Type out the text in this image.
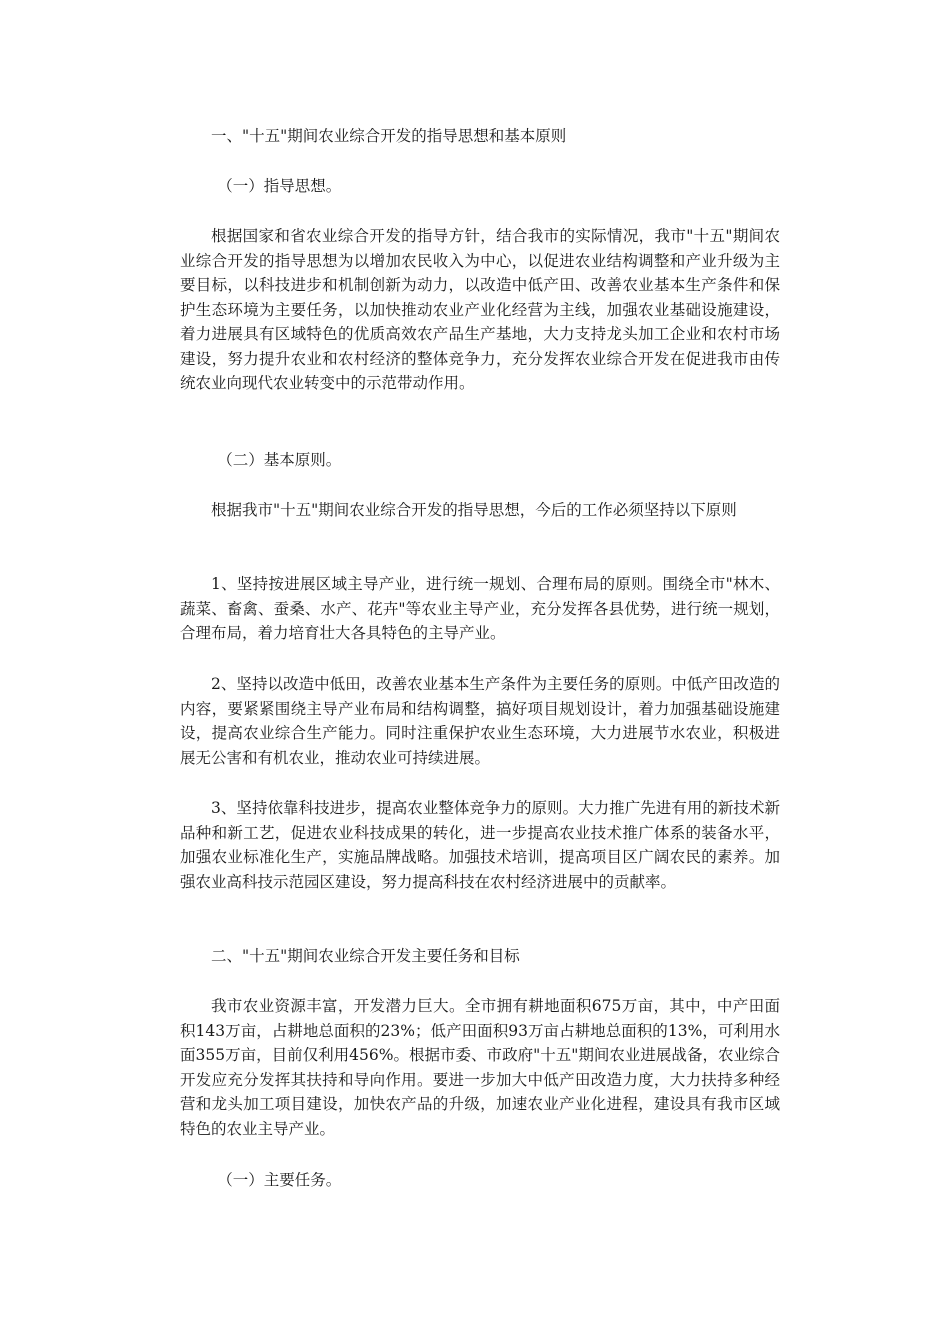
一、"十五"期间农业综合开发的指导思想和基本原则

（一）指导思想。

根据国家和省农业综合开发的指导方针，结合我市的实际情况，我市"十五"期间农业综合开发的指导思想为以增加农民收入为中心，以促进农业结构调整和产业升级为主要目标，以科技进步和机制创新为动力，以改造中低产田、改善农业基本生产条件和保护生态环境为主要任务，以加快推动农业产业化经营为主线，加强农业基础设施建设，着力进展具有区域特色的优质高效农产品生产基地，大力支持龙头加工企业和农村市场建设，努力提升农业和农村经济的整体竞争力，充分发挥农业综合开发在促进我市由传统农业向现代农业转变中的示范带动作用。

（二）基本原则。

根据我市"十五"期间农业综合开发的指导思想，今后的工作必须坚持以下原则

1、坚持按进展区域主导产业，进行统一规划、合理布局的原则。围绕全市"林木、蔬菜、畜禽、蚕桑、水产、花卉"等农业主导产业，充分发挥各县优势，进行统一规划，合理布局，着力培育壮大各具特色的主导产业。

2、坚持以改造中低田，改善农业基本生产条件为主要任务的原则。中低产田改造的内容，要紧紧围绕主导产业布局和结构调整，搞好项目规划设计，着力加强基础设施建设，提高农业综合生产能力。同时注重保护农业生态环境，大力进展节水农业，积极进展无公害和有机农业，推动农业可持续进展。

3、坚持依靠科技进步，提高农业整体竞争力的原则。大力推广先进有用的新技术新品种和新工艺，促进农业科技成果的转化，进一步提高农业技术推广体系的装备水平，加强农业标准化生产，实施品牌战略。加强技术培训，提高项目区广阔农民的素养。加强农业高科技示范园区建设，努力提高科技在农村经济进展中的贡献率。

二、"十五"期间农业综合开发主要任务和目标

我市农业资源丰富，开发潜力巨大。全市拥有耕地面积675万亩，其中，中产田面积143万亩，占耕地总面积的23%；低产田面积93万亩占耕地总面积的13%，可利用水面355万亩，目前仅利用456%。根据市委、市政府"十五"期间农业进展战备，农业综合开发应充分发挥其扶持和导向作用。要进一步加大中低产田改造力度，大力扶持多种经营和龙头加工项目建设，加快农产品的升级，加速农业产业化进程，建设具有我市区域特色的农业主导产业。

（一）主要任务。
